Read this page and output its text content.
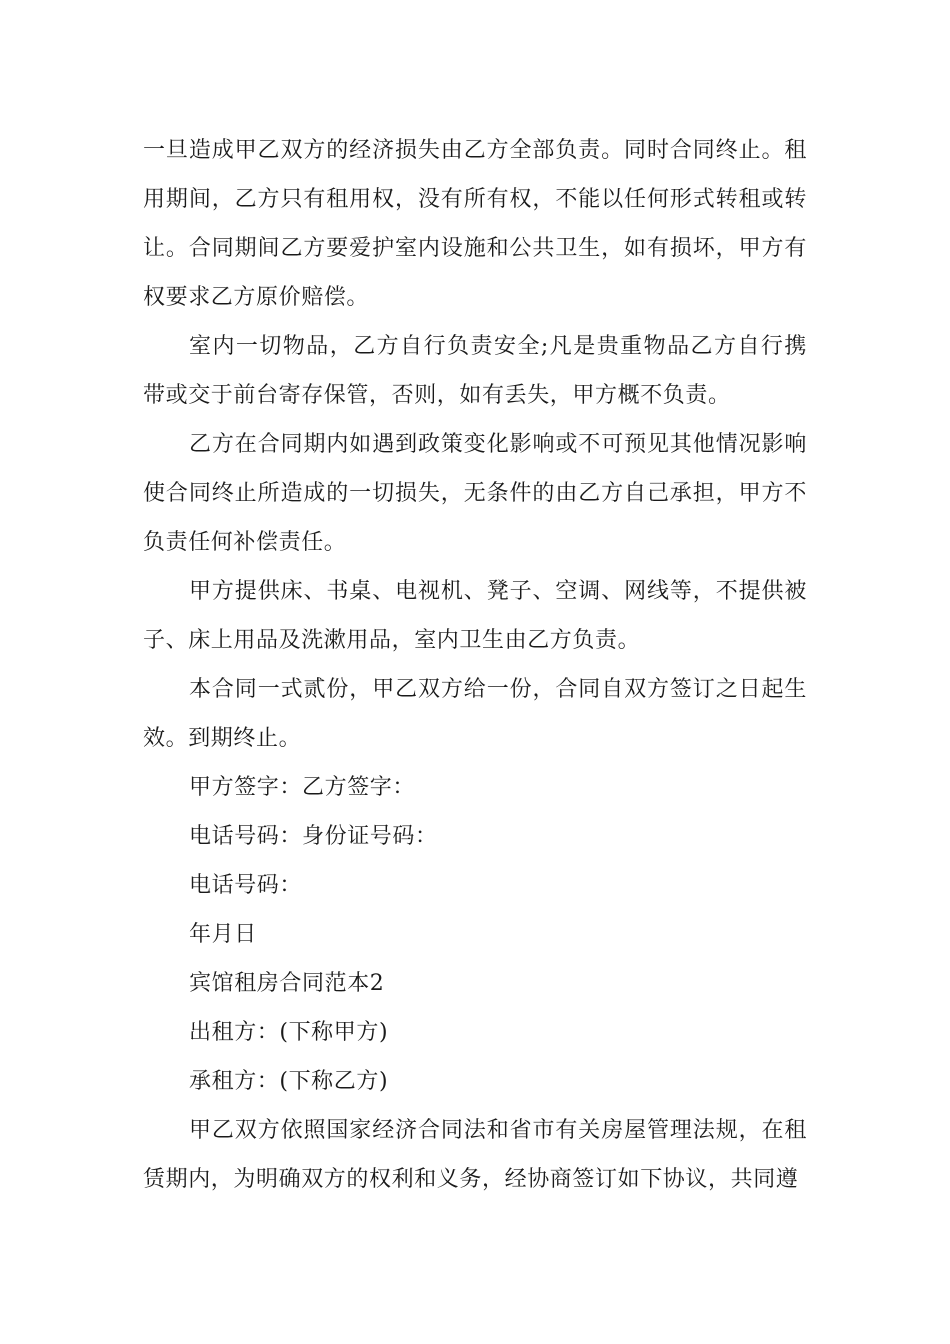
一旦造成甲乙双方的经济损失由乙方全部负责。同时合同终止。租用期间，乙方只有租用权，没有所有权，不能以任何形式转租或转让。合同期间乙方要爱护室内设施和公共卫生，如有损坏，甲方有权要求乙方原价赔偿。

室内一切物品，乙方自行负责安全;凡是贵重物品乙方自行携带或交于前台寄存保管，否则，如有丢失，甲方概不负责。

乙方在合同期内如遇到政策变化影响或不可预见其他情况影响使合同终止所造成的一切损失，无条件的由乙方自己承担，甲方不负责任何补偿责任。

甲方提供床、书桌、电视机、凳子、空调、网线等，不提供被子、床上用品及洗漱用品，室内卫生由乙方负责。

本合同一式贰份，甲乙双方给一份，合同自双方签订之日起生效。到期终止。

甲方签字：乙方签字：

电话号码：身份证号码：

电话号码：

年月日

宾馆租房合同范本2

出租方：(下称甲方)

承租方：(下称乙方)

甲乙双方依照国家经济合同法和省市有关房屋管理法规，在租赁期内，为明确双方的权利和义务，经协商签订如下协议，共同遵
